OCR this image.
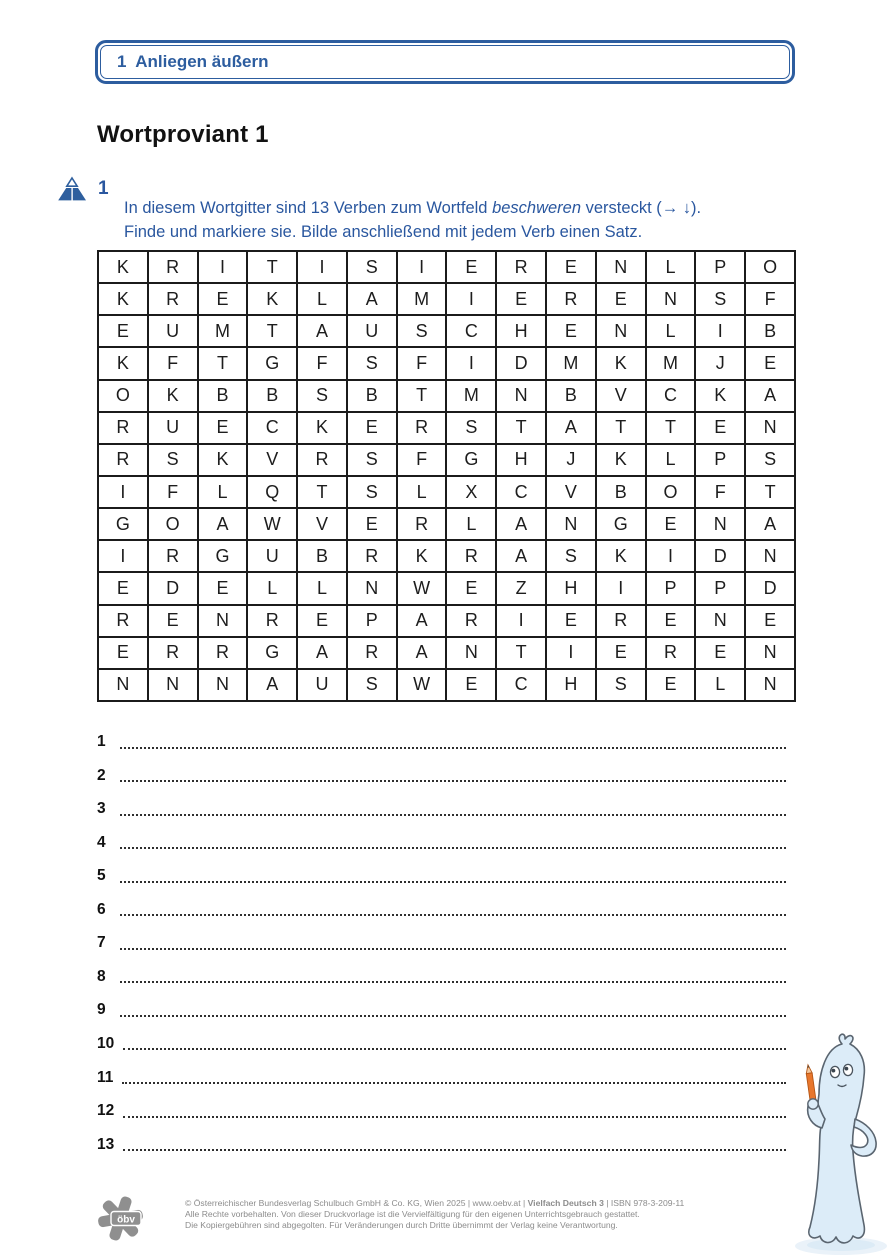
1  Anliegen äußern
Wortproviant 1
1

In diesem Wortgitter sind 13 Verben zum Wortfeld beschweren versteckt (→ ↓).
Finde und markiere sie. Bilde anschließend mit jedem Verb einen Satz.

K	R	I	T	I	S	I	E	R	E	N	L	P	O
K	R	E	K	L	A	M	I	E	R	E	N	S	F
E	U	M	T	A	U	S	C	H	E	N	L	I	B
K	F	T	G	F	S	F	I	D	M	K	M	J	E
O	K	B	B	S	B	T	M	N	B	V	C	K	A
R	U	E	C	K	E	R	S	T	A	T	T	E	N
R	S	K	V	R	S	F	G	H	J	K	L	P	S
I	F	L	Q	T	S	L	X	C	V	B	O	F	T
G	O	A	W	V	E	R	L	A	N	G	E	N	A
I	R	G	U	B	R	K	R	A	S	K	I	D	N
E	D	E	L	L	N	W	E	Z	H	I	P	P	D
R	E	N	R	E	P	A	R	I	E	R	E	N	E
E	R	R	G	A	R	A	N	T	I	E	R	E	N
N	N	N	A	U	S	W	E	C	H	S	E	L	N
1
2
3
4
5
6
7
8
9
10
11
12
13
öbv
© Österreichischer Bundesverlag Schulbuch GmbH & Co. KG, Wien 2025 | www.oebv.at | Vielfach Deutsch 3 | ISBN 978-3-209-11
Alle Rechte vorbehalten. Von dieser Druckvorlage ist die Vervielfältigung für den eigenen Unterrichtsgebrauch gestattet.
Die Kopiergebühren sind abgegolten. Für Veränderungen durch Dritte übernimmt der Verlag keine Verantwortung.
